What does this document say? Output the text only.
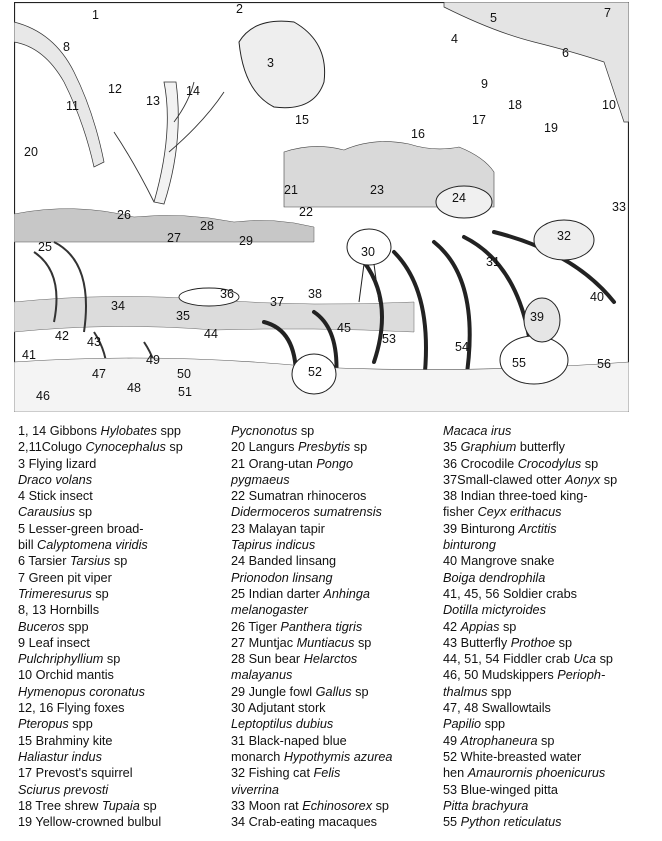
1	2
3
4
5
6
7
8
9
10
11
12
13
14
15
16
17
18
19
20
21
22
23
24
25
26
27
28
29
30
31
32
33
34
35
36
37
38
39
40
41
42 43
44	45
46
47
48
49
50
51
52
53
54
55	56
1, 14 Gibbons Hylobates spp
2,11Colugo Cynocephalus sp
3 Flying lizard
Draco volans
4 Stick insect
Carausius sp
5 Lesser-green broad-
bill Calyptomena viridis
6 Tarsier Tarsius sp
7 Green pit viper
Trimeresurus sp
8, 13 Hornbills
Buceros spp
9 Leaf insect
Pulchriphyllium sp
10 Orchid mantis
Hymenopus coronatus
12, 16 Flying foxes
Pteropus spp
15 Brahminy kite
Haliastur indus
17 Prevost's squirrel
Sciurus prevosti
18 Tree shrew Tupaia sp
19 Yellow-crowned bulbul
Pycnonotus sp
20 Langurs Presbytis sp
21 Orang-utan Pongo
pygmaeus
22 Sumatran rhinoceros
Didermoceros sumatrensis
23 Malayan tapir
Tapirus indicus
24 Banded linsang
Prionodon linsang
25 Indian darter Anhinga
melanogaster
26 Tiger Panthera tigris
27 Muntjac Muntiacus sp
28 Sun bear Helarctos
malayanus
29 Jungle fowl Gallus sp
30 Adjutant stork
Leptoptilus dubius
31 Black-naped blue
monarch Hypothymis azurea
32 Fishing cat Felis
viverrina
33 Moon rat Echinosorex sp
34 Crab-eating macaques
Macaca irus
35 Graphium butterfly
36 Crocodile Crocodylus sp
37Small-clawed otter Aonyx sp
38 Indian three-toed king-
fisher Ceyx erithacus
39 Binturong Arctitis
binturong
40 Mangrove snake
Boiga dendrophila
41, 45, 56 Soldier crabs
Dotilla mictyroides
42 Appias sp
43 Butterfly Prothoe sp
44, 51, 54 Fiddler crab Uca sp
46, 50 Mudskippers Perioph-
thalmus spp
47, 48 Swallowtails
Papilio spp
49 Atrophaneura sp
52 White-breasted water
hen Amaurornis phoenicurus
53 Blue-winged pitta
Pitta brachyura
55 Python reticulatus
